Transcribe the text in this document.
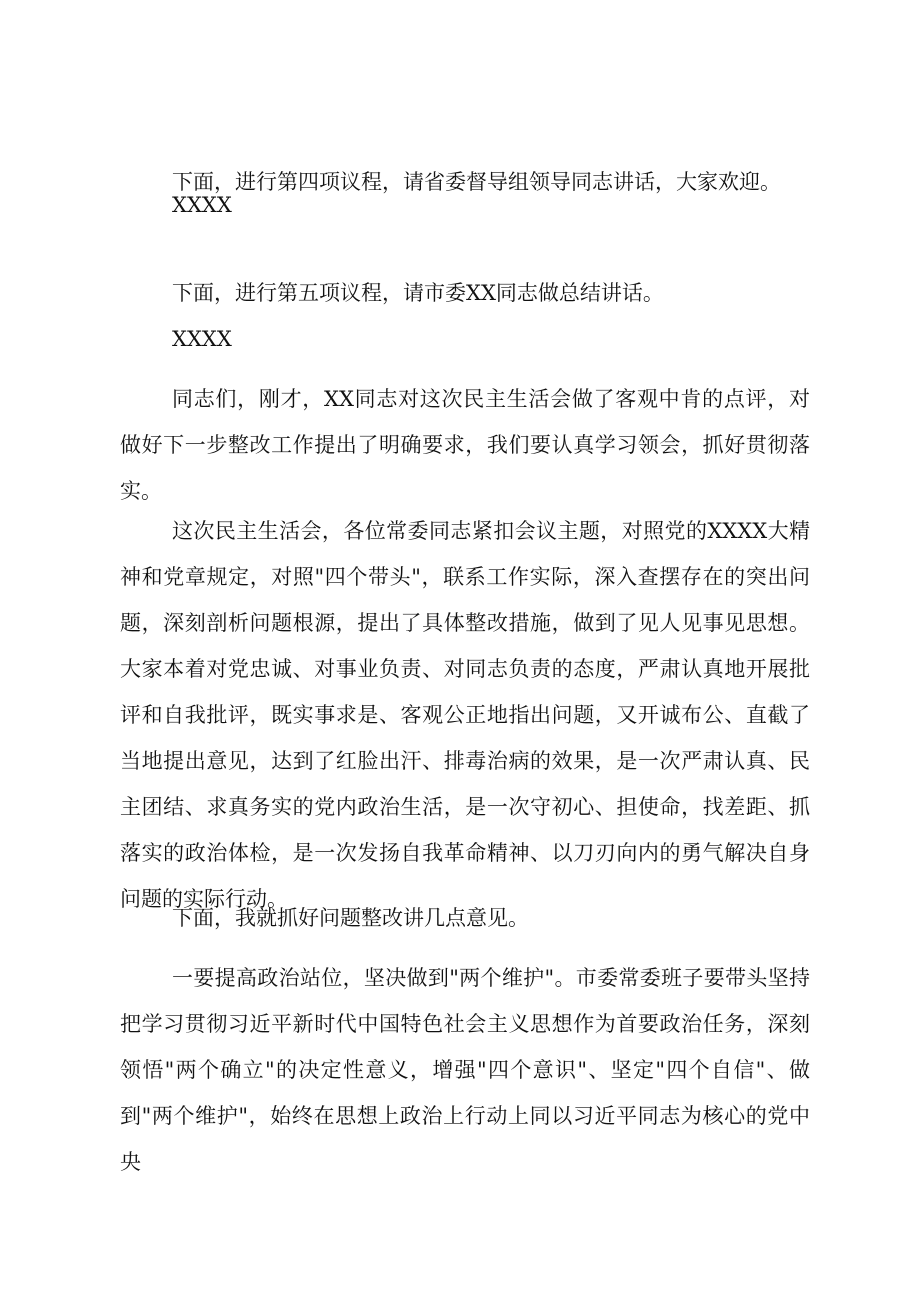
下面，进行第四项议程，请省委督导组领导同志讲话，大家欢迎。

XXXX

下面，进行第五项议程，请市委XX同志做总结讲话。

XXXX

同志们，刚才，XX同志对这次民主生活会做了客观中肯的点评，对做好下一步整改工作提出了明确要求，我们要认真学习领会，抓好贯彻落实。

这次民主生活会，各位常委同志紧扣会议主题，对照党的XXXX大精神和党章规定，对照"四个带头"，联系工作实际，深入查摆存在的突出问题，深刻剖析问题根源，提出了具体整改措施，做到了见人见事见思想。大家本着对党忠诚、对事业负责、对同志负责的态度，严肃认真地开展批评和自我批评，既实事求是、客观公正地指出问题，又开诚布公、直截了当地提出意见，达到了红脸出汗、排毒治病的效果，是一次严肃认真、民主团结、求真务实的党内政治生活，是一次守初心、担使命，找差距、抓落实的政治体检，是一次发扬自我革命精神、以刀刃向内的勇气解决自身问题的实际行动。

下面，我就抓好问题整改讲几点意见。

一要提高政治站位，坚决做到"两个维护"。市委常委班子要带头坚持把学习贯彻习近平新时代中国特色社会主义思想作为首要政治任务，深刻领悟"两个确立"的决定性意义，增强"四个意识"、坚定"四个自信"、做到"两个维护"，始终在思想上政治上行动上同以习近平同志为核心的党中央
